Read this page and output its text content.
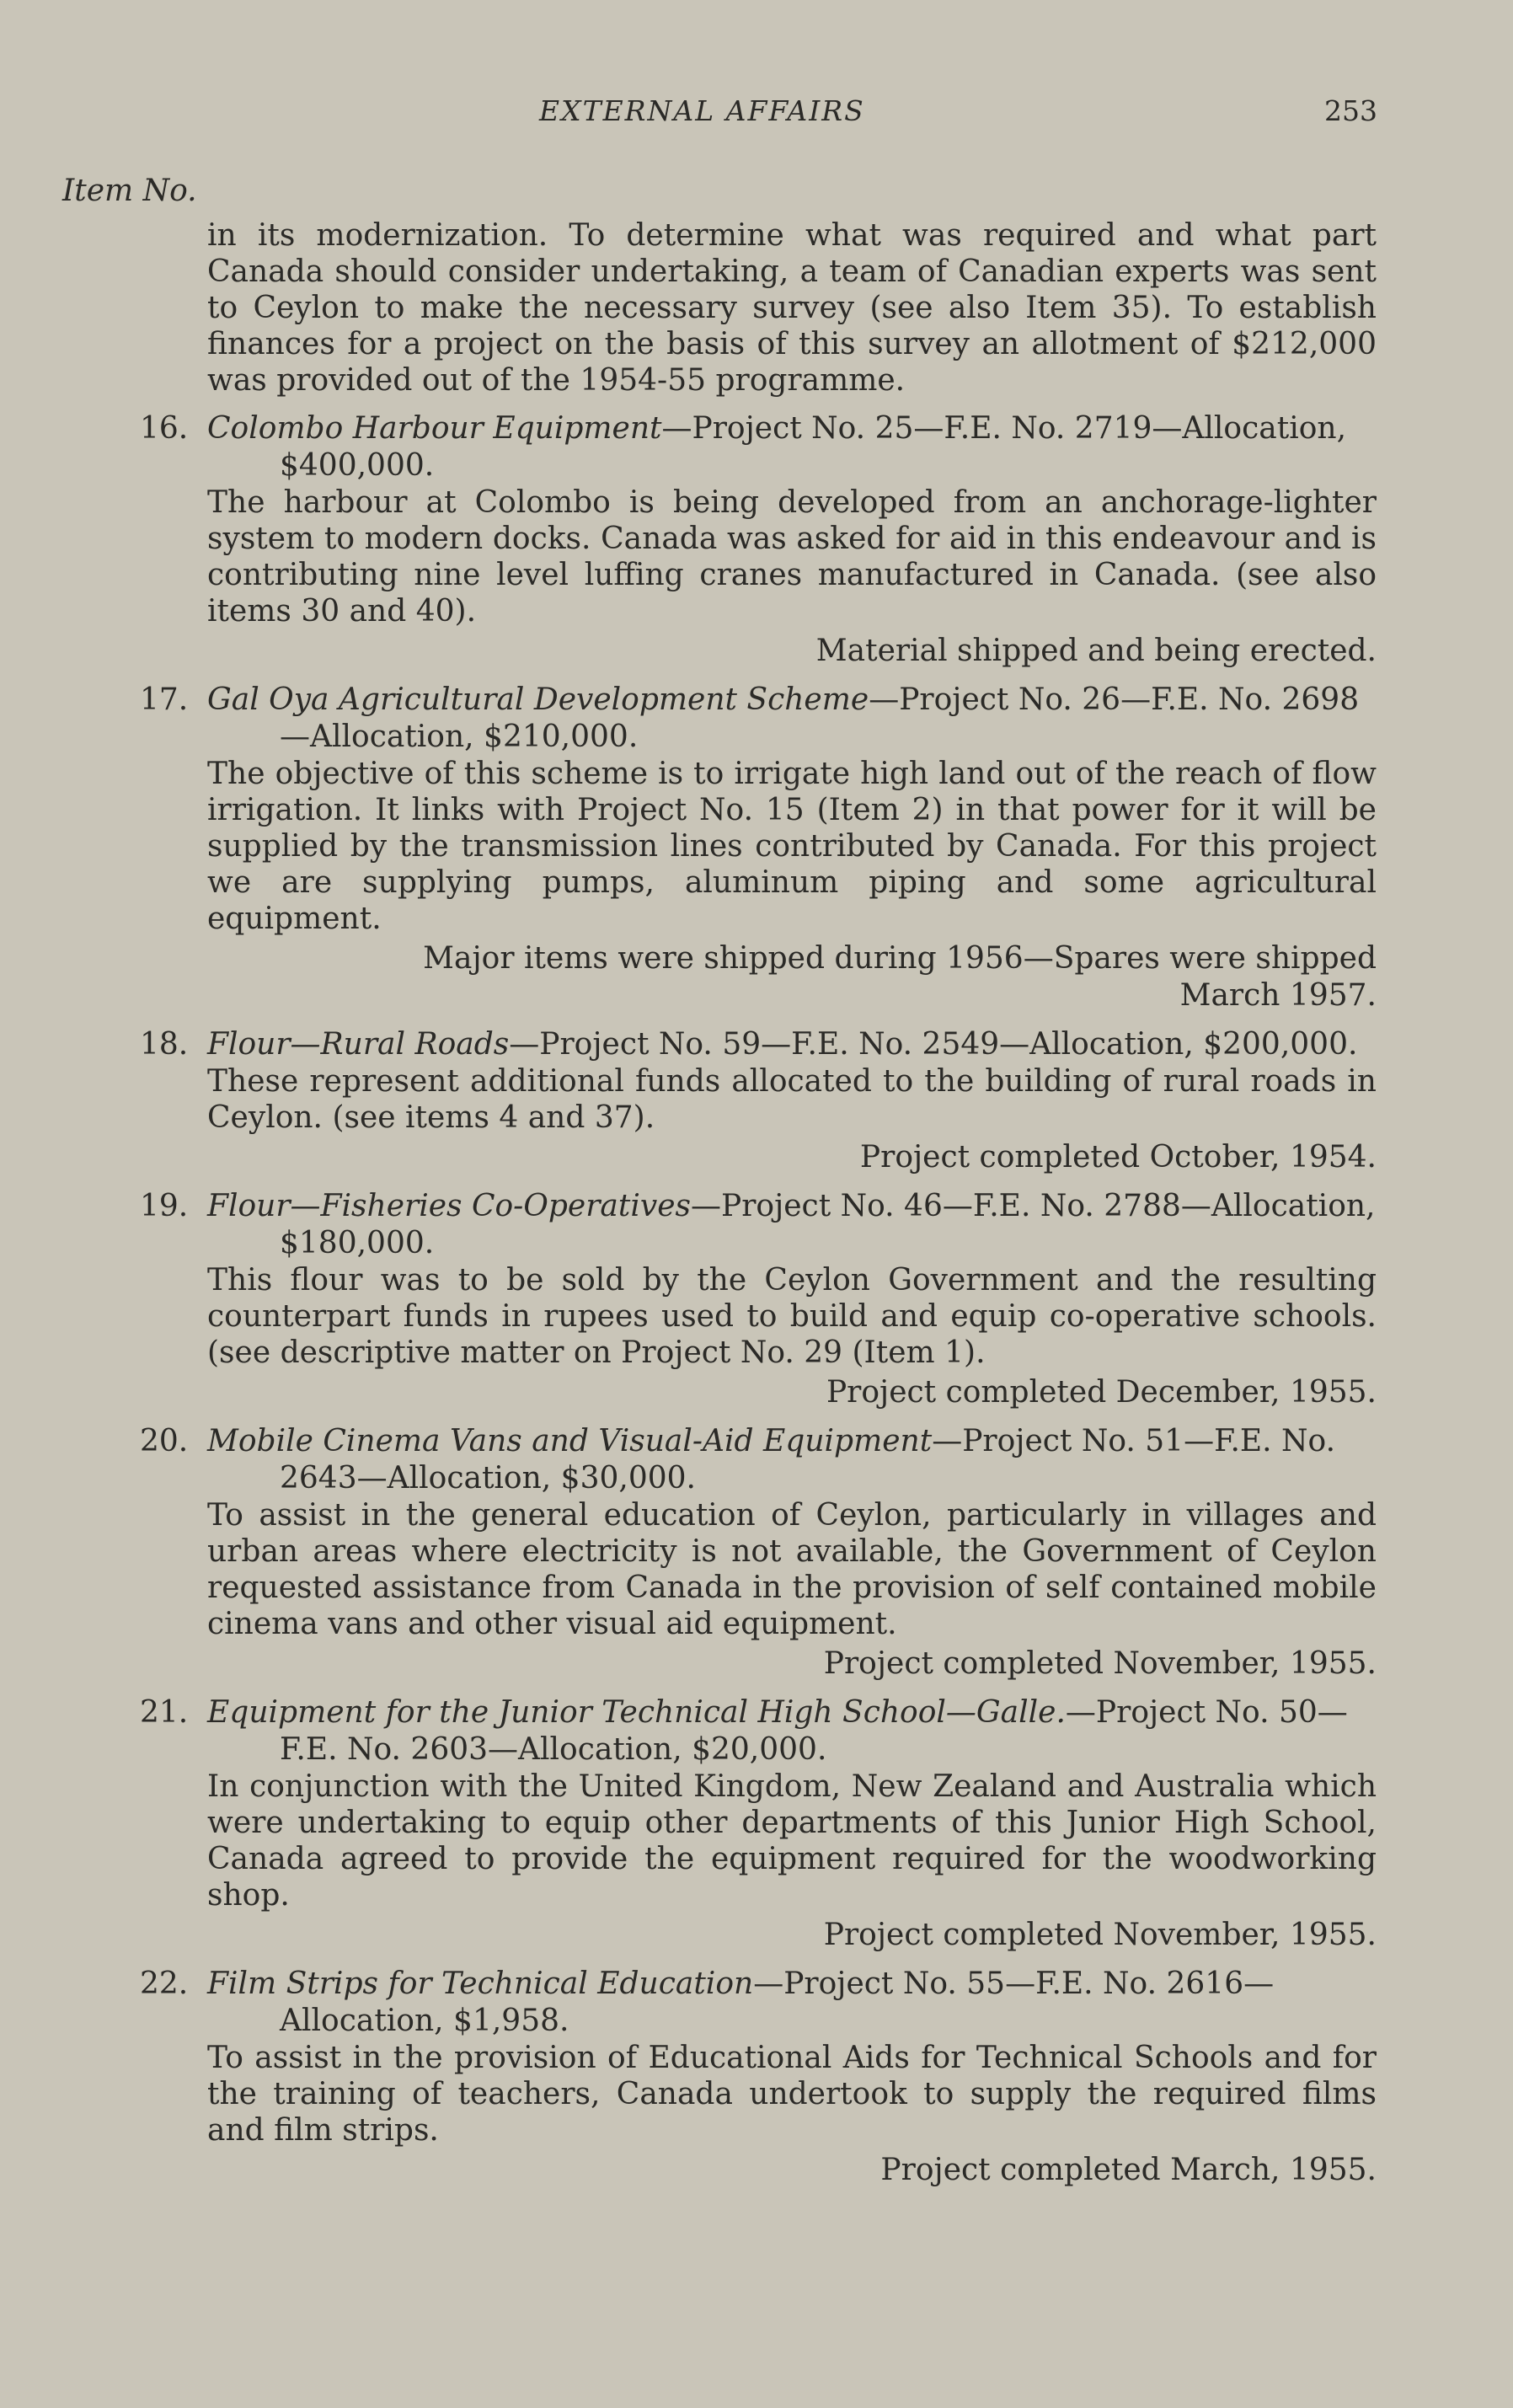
EXTERNAL AFFAIRS	253
Item No.

in its modernization. To determine what was required and what part Canada should consider undertaking, a team of Canadian experts was sent to Ceylon to make the necessary survey (see also Item 35). To establish finances for a project on the basis of this survey an allotment of $212,000 was provided out of the 1954-55 programme.

16. Colombo Harbour Equipment—Project No. 25—F.E. No. 2719—Allocation, $400,000.
The harbour at Colombo is being developed from an anchorage-lighter system to modern docks. Canada was asked for aid in this endeavour and is contributing nine level luffing cranes manufactured in Canada. (see also items 30 and 40).
Material shipped and being erected.
17. Gal Oya Agricultural Development Scheme—Project No. 26—F.E. No. 2698—Allocation, $210,000.
The objective of this scheme is to irrigate high land out of the reach of flow irrigation. It links with Project No. 15 (Item 2) in that power for it will be supplied by the transmission lines contributed by Canada. For this project we are supplying pumps, aluminum piping and some agricultural equipment.
Major items were shipped during 1956—Spares were shipped March 1957.
18. Flour—Rural Roads—Project No. 59—F.E. No. 2549—Allocation, $200,000.
These represent additional funds allocated to the building of rural roads in Ceylon. (see items 4 and 37).
Project completed October, 1954.
19. Flour—Fisheries Co-Operatives—Project No. 46—F.E. No. 2788—Allocation, $180,000.
This flour was to be sold by the Ceylon Government and the resulting counterpart funds in rupees used to build and equip co-operative schools. (see descriptive matter on Project No. 29 (Item 1).
Project completed December, 1955.
20. Mobile Cinema Vans and Visual-Aid Equipment—Project No. 51—F.E. No. 2643—Allocation, $30,000.
To assist in the general education of Ceylon, particularly in villages and urban areas where electricity is not available, the Government of Ceylon requested assistance from Canada in the provision of self contained mobile cinema vans and other visual aid equipment.
Project completed November, 1955.
21. Equipment for the Junior Technical High School—Galle.—Project No. 50—F.E. No. 2603—Allocation, $20,000.
In conjunction with the United Kingdom, New Zealand and Australia which were undertaking to equip other departments of this Junior High School, Canada agreed to provide the equipment required for the woodworking shop.
Project completed November, 1955.
22. Film Strips for Technical Education—Project No. 55—F.E. No. 2616—Allocation, $1,958.
To assist in the provision of Educational Aids for Technical Schools and for the training of teachers, Canada undertook to supply the required films and film strips.
Project completed March, 1955.
